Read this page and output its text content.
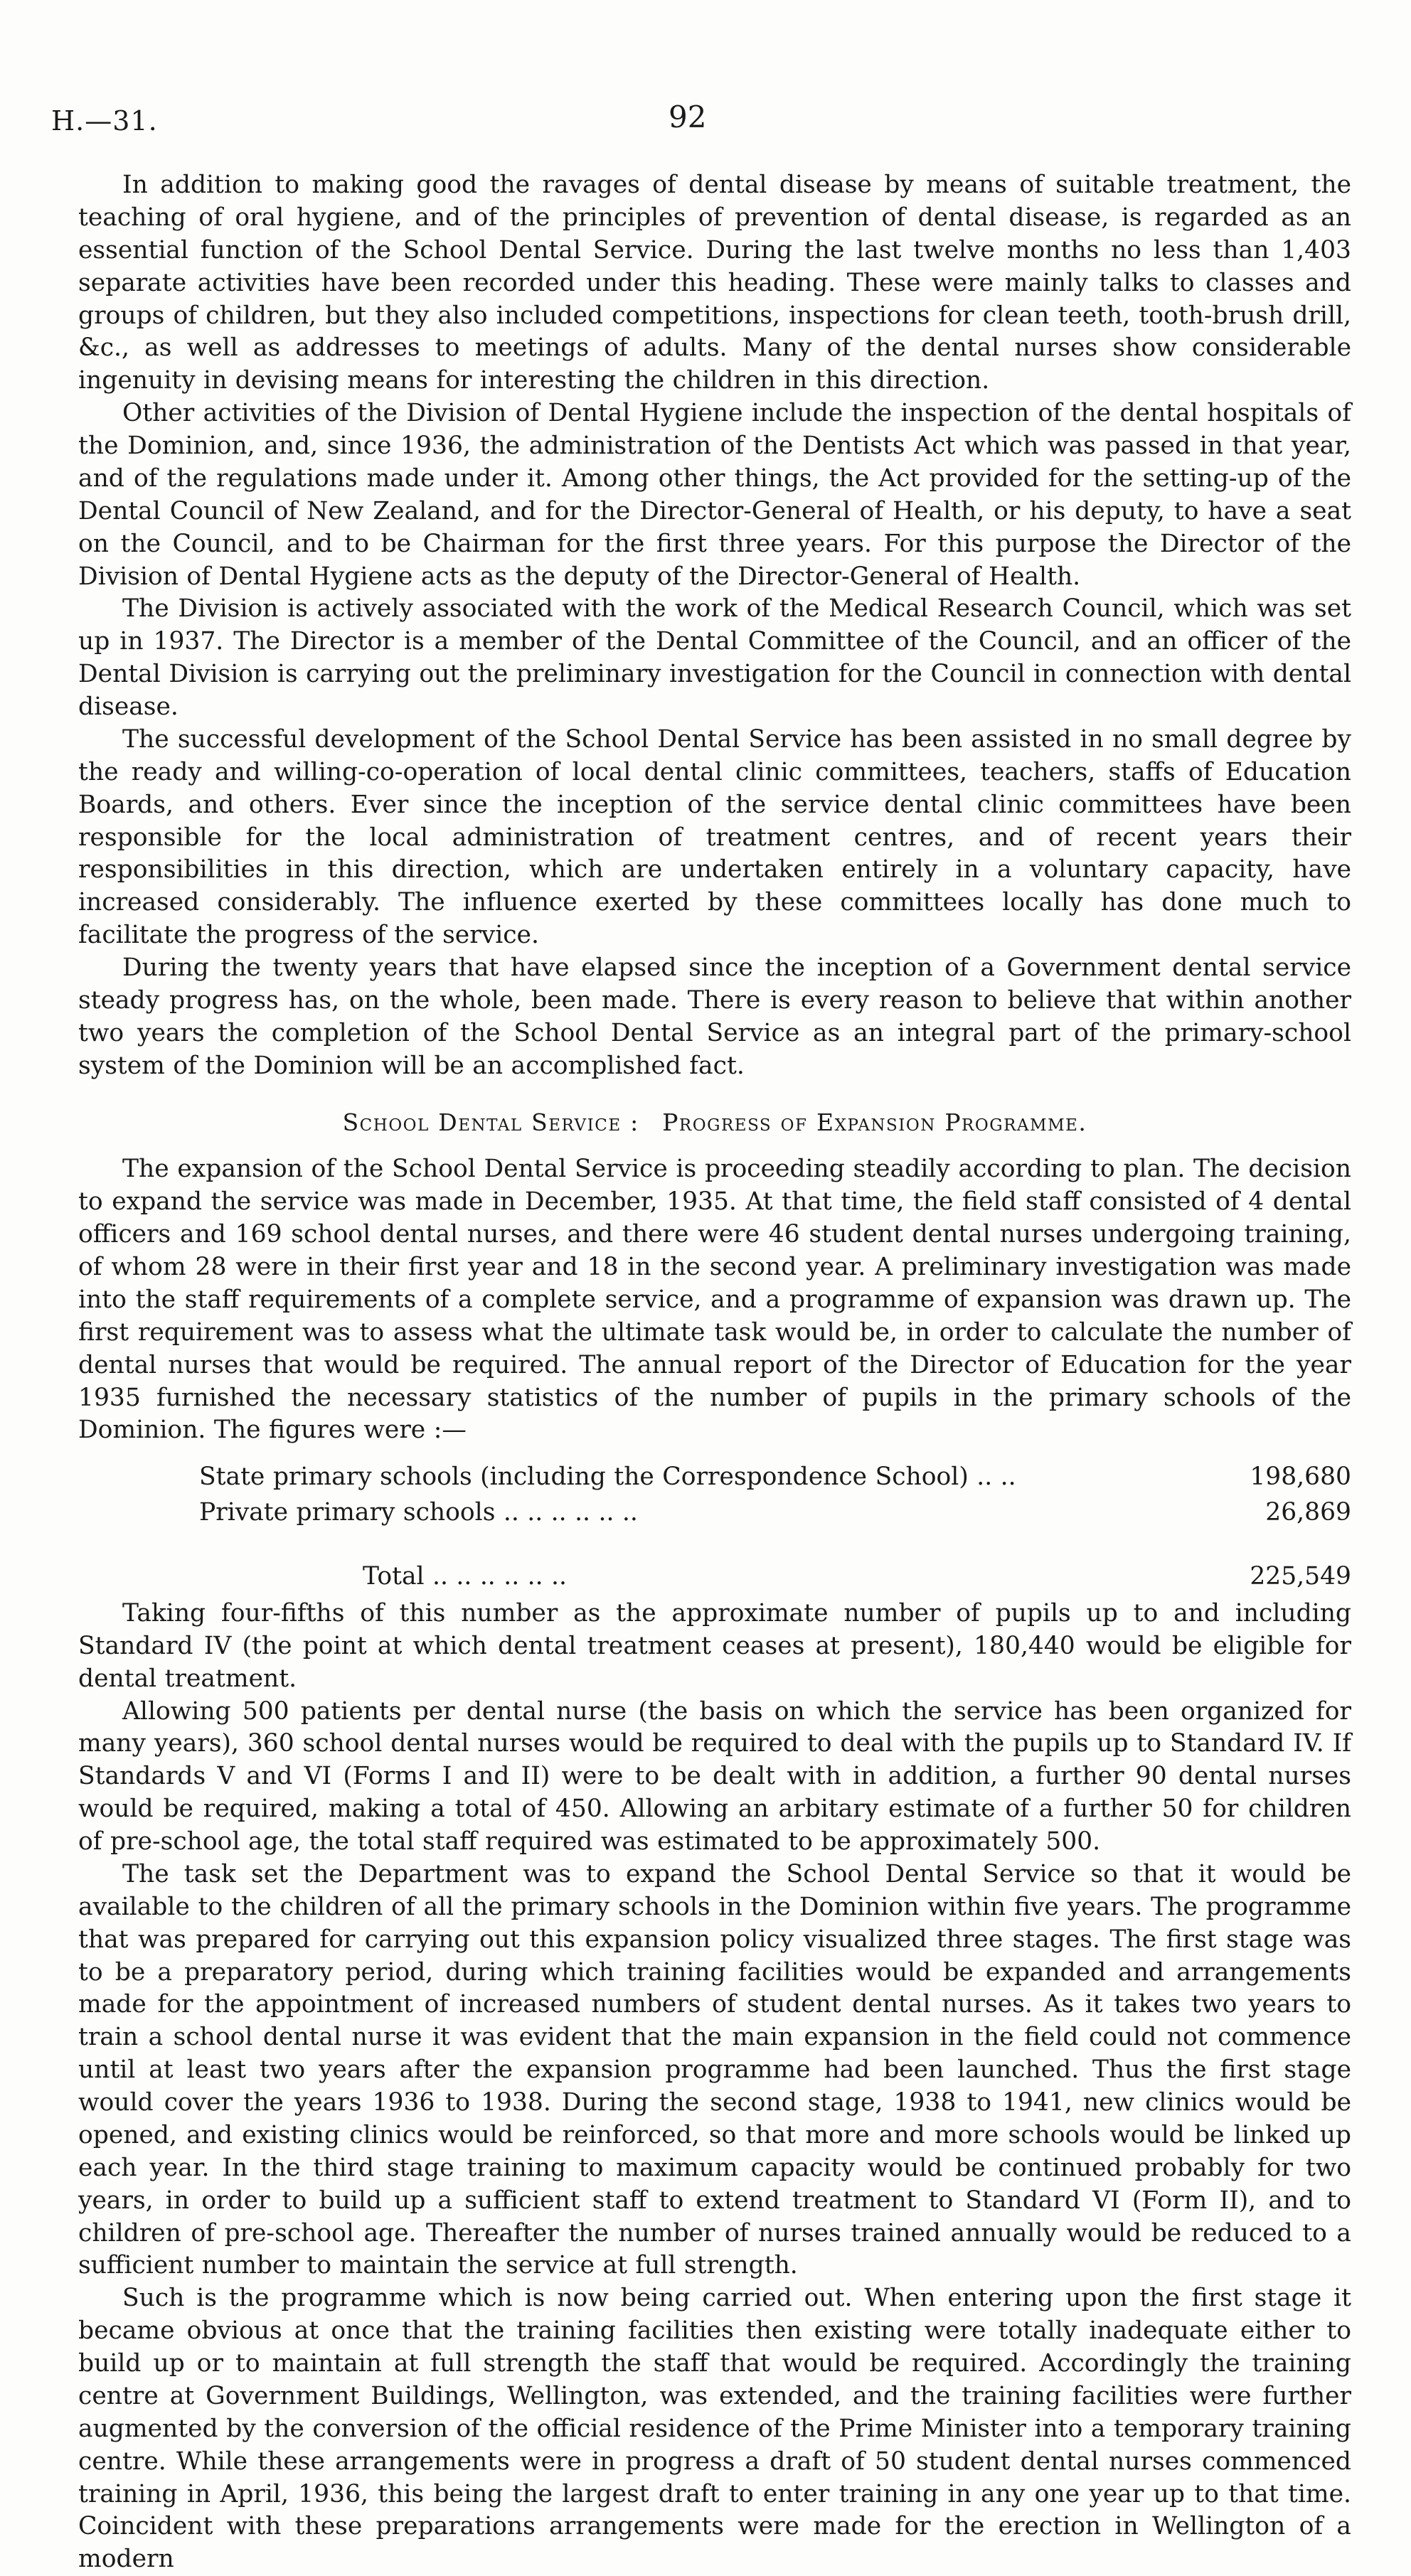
H.—31.	92

In addition to making good the ravages of dental disease by means of suitable treatment, the teaching of oral hygiene, and of the principles of prevention of dental disease, is regarded as an essential function of the School Dental Service. During the last twelve months no less than 1,403 separate activities have been recorded under this heading. These were mainly talks to classes and groups of children, but they also included competitions, inspections for clean teeth, tooth-brush drill, &c., as well as addresses to meetings of adults. Many of the dental nurses show considerable ingenuity in devising means for interesting the children in this direction.

Other activities of the Division of Dental Hygiene include the inspection of the dental hospitals of the Dominion, and, since 1936, the administration of the Dentists Act which was passed in that year, and of the regulations made under it. Among other things, the Act provided for the setting-up of the Dental Council of New Zealand, and for the Director-General of Health, or his deputy, to have a seat on the Council, and to be Chairman for the first three years. For this purpose the Director of the Division of Dental Hygiene acts as the deputy of the Director-General of Health.

The Division is actively associated with the work of the Medical Research Council, which was set up in 1937. The Director is a member of the Dental Committee of the Council, and an officer of the Dental Division is carrying out the preliminary investigation for the Council in connection with dental disease.

The successful development of the School Dental Service has been assisted in no small degree by the ready and willing-co-operation of local dental clinic committees, teachers, staffs of Education Boards, and others. Ever since the inception of the service dental clinic committees have been responsible for the local administration of treatment centres, and of recent years their responsibilities in this direction, which are undertaken entirely in a voluntary capacity, have increased considerably. The influence exerted by these committees locally has done much to facilitate the progress of the service.

During the twenty years that have elapsed since the inception of a Government dental service steady progress has, on the whole, been made. There is every reason to believe that within another two years the completion of the School Dental Service as an integral part of the primary-school system of the Dominion will be an accomplished fact.

School Dental Service : Progress of Expansion Programme.

The expansion of the School Dental Service is proceeding steadily according to plan. The decision to expand the service was made in December, 1935. At that time, the field staff consisted of 4 dental officers and 169 school dental nurses, and there were 46 student dental nurses undergoing training, of whom 28 were in their first year and 18 in the second year. A preliminary investigation was made into the staff requirements of a complete service, and a programme of expansion was drawn up. The first requirement was to assess what the ultimate task would be, in order to calculate the number of dental nurses that would be required. The annual report of the Director of Education for the year 1935 furnished the necessary statistics of the number of pupils in the primary schools of the Dominion. The figures were :—

State primary schools (including the Correspondence School) .. ..	198,680
Private primary schools .. .. .. .. .. ..	26,869
Total .. .. .. .. .. ..	225,549

Taking four-fifths of this number as the approximate number of pupils up to and including Standard IV (the point at which dental treatment ceases at present), 180,440 would be eligible for dental treatment.

Allowing 500 patients per dental nurse (the basis on which the service has been organized for many years), 360 school dental nurses would be required to deal with the pupils up to Standard IV. If Standards V and VI (Forms I and II) were to be dealt with in addition, a further 90 dental nurses would be required, making a total of 450. Allowing an arbitary estimate of a further 50 for children of pre-school age, the total staff required was estimated to be approximately 500.

The task set the Department was to expand the School Dental Service so that it would be available to the children of all the primary schools in the Dominion within five years. The programme that was prepared for carrying out this expansion policy visualized three stages. The first stage was to be a preparatory period, during which training facilities would be expanded and arrangements made for the appointment of increased numbers of student dental nurses. As it takes two years to train a school dental nurse it was evident that the main expansion in the field could not commence until at least two years after the expansion programme had been launched. Thus the first stage would cover the years 1936 to 1938. During the second stage, 1938 to 1941, new clinics would be opened, and existing clinics would be reinforced, so that more and more schools would be linked up each year. In the third stage training to maximum capacity would be continued probably for two years, in order to build up a sufficient staff to extend treatment to Standard VI (Form II), and to children of pre-school age. Thereafter the number of nurses trained annually would be reduced to a sufficient number to maintain the service at full strength.

Such is the programme which is now being carried out. When entering upon the first stage it became obvious at once that the training facilities then existing were totally inadequate either to build up or to maintain at full strength the staff that would be required. Accordingly the training centre at Government Buildings, Wellington, was extended, and the training facilities were further augmented by the conversion of the official residence of the Prime Minister into a temporary training centre. While these arrangements were in progress a draft of 50 student dental nurses commenced training in April, 1936, this being the largest draft to enter training in any one year up to that time. Coincident with these preparations arrangements were made for the erection in Wellington of a modern
